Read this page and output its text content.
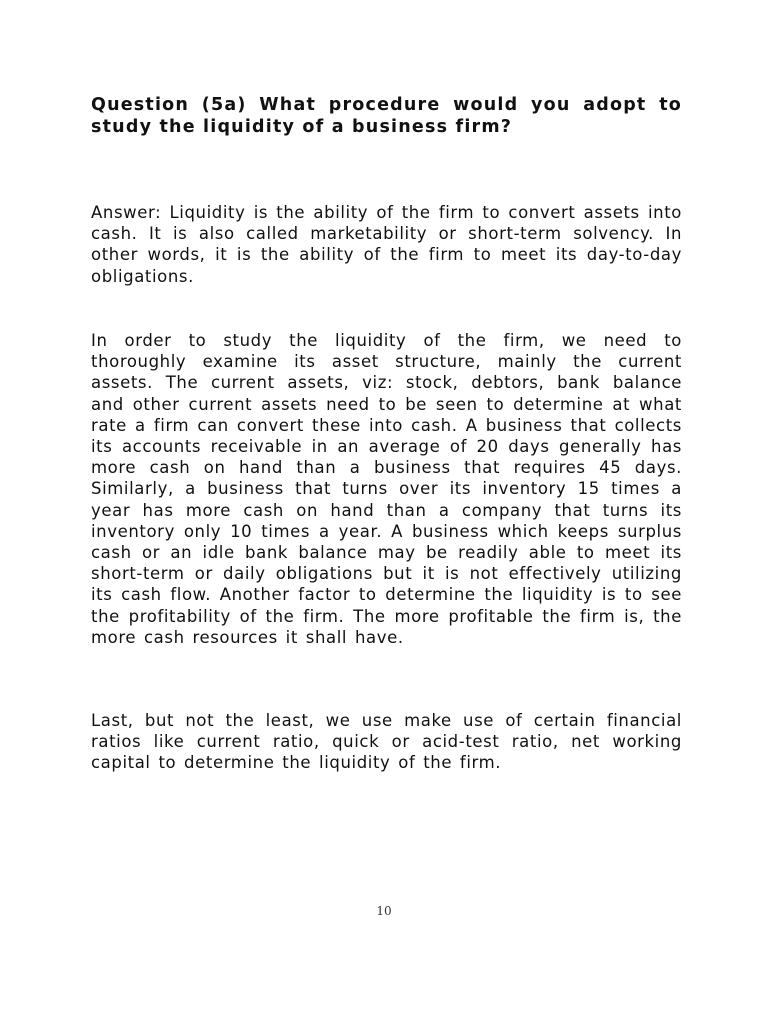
Question (5a) What procedure would you adopt to study the liquidity of a business firm?

Answer: Liquidity is the ability of the firm to convert assets into cash. It is also called marketability or short-term solvency. In other words, it is the ability of the firm to meet its day-to-day obligations.

In order to study the liquidity of the firm, we need to thoroughly examine its asset structure, mainly the current assets. The current assets, viz: stock, debtors, bank balance and other current assets need to be seen to determine at what rate a firm can convert these into cash. A business that collects its accounts receivable in an average of 20 days generally has more cash on hand than a business that requires 45 days. Similarly, a business that turns over its inventory 15 times a year has more cash on hand than a company that turns its inventory only 10 times a year. A business which keeps surplus cash or an idle bank balance may be readily able to meet its short-term or daily obligations but it is not effectively utilizing its cash flow. Another factor to determine the liquidity is to see the profitability of the firm. The more profitable the firm is, the more cash resources it shall have.

Last, but not the least, we use make use of certain financial ratios like current ratio, quick or acid-test ratio, net working capital to determine the liquidity of the firm.

10
